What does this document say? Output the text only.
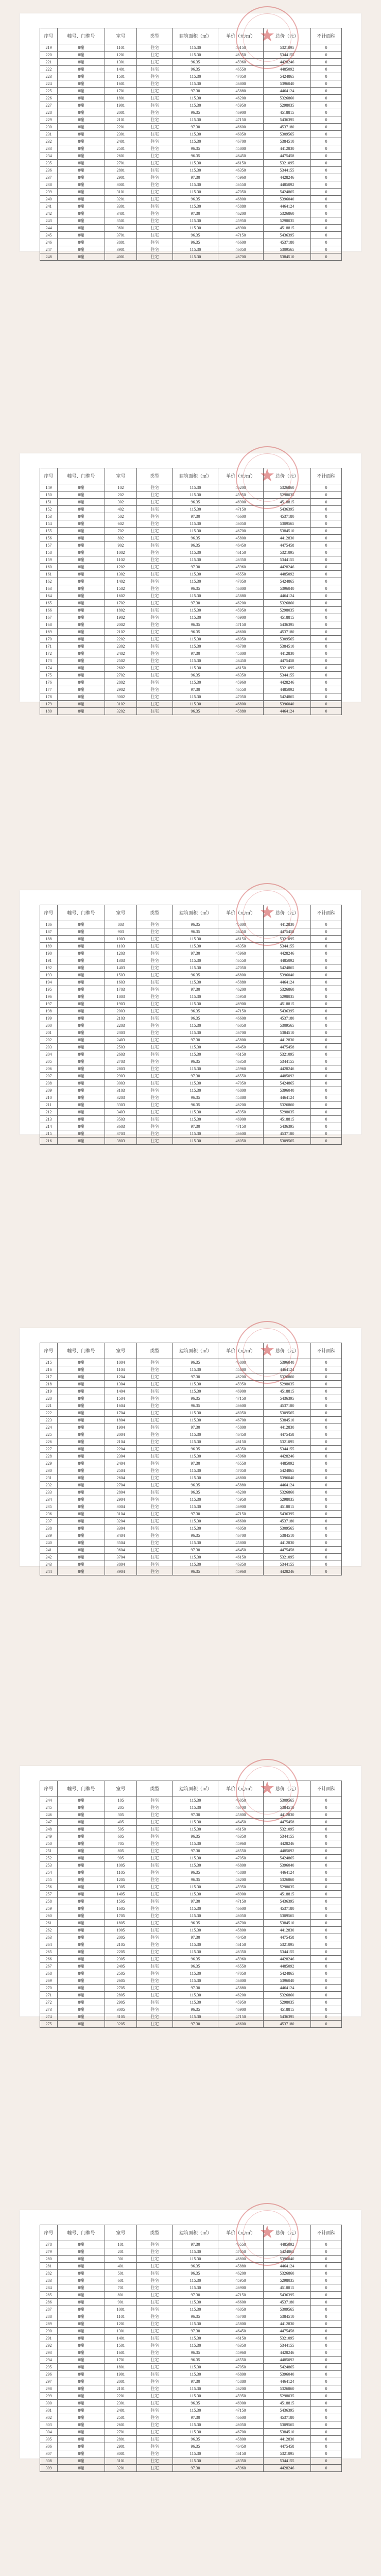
序号	幢号、门牌号	室号	类型	建筑面积（㎡）	单价（元/㎡）	总价（元）	不计面积
219	8幢	1101	住宅	115.30	46150	5321095	0
220	8幢	1201	住宅	115.30	46350	5344155	0
221	8幢	1301	住宅	96.35	45960	4428246	0
222	8幢	1401	住宅	96.35	46550	4485092	0
223	8幢	1501	住宅	115.30	47050	5424865	0
224	8幢	1601	住宅	115.30	46800	5396040	0
225	8幢	1701	住宅	97.30	45880	4464124	0
226	8幢	1801	住宅	115.30	46200	5326860	0
227	8幢	1901	住宅	115.30	45950	5298035	0
228	8幢	2001	住宅	96.35	46900	4518815	0
229	8幢	2101	住宅	115.30	47150	5436395	0
230	8幢	2201	住宅	97.30	46600	4537180	0
231	8幢	2301	住宅	115.30	46050	5309565	0
232	8幢	2401	住宅	115.30	46700	5384510	0
233	8幢	2501	住宅	96.35	45800	4412830	0
234	8幢	2601	住宅	96.35	46450	4475458	0
235	8幢	2701	住宅	115.30	46150	5321095	0
236	8幢	2801	住宅	115.30	46350	5344155	0
237	8幢	2901	住宅	97.30	45960	4428246	0
238	8幢	3001	住宅	115.30	46550	4485092	0
239	8幢	3101	住宅	115.30	47050	5424865	0
240	8幢	3201	住宅	96.35	46800	5396040	0
241	8幢	3301	住宅	115.30	45880	4464124	0
242	8幢	3401	住宅	97.30	46200	5326860	0
243	8幢	3501	住宅	115.30	45950	5298035	0
244	8幢	3601	住宅	115.30	46900	4518815	0
245	8幢	3701	住宅	96.35	47150	5436395	0
246	8幢	3801	住宅	96.35	46600	4537180	0
247	8幢	3901	住宅	115.30	46050	5309565	0
248	8幢	4001	住宅	115.30	46700	5384510	0
★
序号	幢号、门牌号	室号	类型	建筑面积（㎡）	单价（元/㎡）	总价（元）	不计面积
149	8幢	102	住宅	115.30	46200	5326860	0
150	8幢	202	住宅	115.30	45950	5298035	0
151	8幢	302	住宅	96.35	46900	4518815	0
152	8幢	402	住宅	115.30	47150	5436395	0
153	8幢	502	住宅	97.30	46600	4537180	0
154	8幢	602	住宅	115.30	46050	5309565	0
155	8幢	702	住宅	115.30	46700	5384510	0
156	8幢	802	住宅	96.35	45800	4412830	0
157	8幢	902	住宅	96.35	46450	4475458	0
158	8幢	1002	住宅	115.30	46150	5321095	0
159	8幢	1102	住宅	115.30	46350	5344155	0
160	8幢	1202	住宅	97.30	45960	4428246	0
161	8幢	1302	住宅	115.30	46550	4485092	0
162	8幢	1402	住宅	115.30	47050	5424865	0
163	8幢	1502	住宅	96.35	46800	5396040	0
164	8幢	1602	住宅	115.30	45880	4464124	0
165	8幢	1702	住宅	97.30	46200	5326860	0
166	8幢	1802	住宅	115.30	45950	5298035	0
167	8幢	1902	住宅	115.30	46900	4518815	0
168	8幢	2002	住宅	96.35	47150	5436395	0
169	8幢	2102	住宅	96.35	46600	4537180	0
170	8幢	2202	住宅	115.30	46050	5309565	0
171	8幢	2302	住宅	115.30	46700	5384510	0
172	8幢	2402	住宅	97.30	45800	4412830	0
173	8幢	2502	住宅	115.30	46450	4475458	0
174	8幢	2602	住宅	115.30	46150	5321095	0
175	8幢	2702	住宅	96.35	46350	5344155	0
176	8幢	2802	住宅	115.30	45960	4428246	0
177	8幢	2902	住宅	97.30	46550	4485092	0
178	8幢	3002	住宅	115.30	47050	5424865	0
179	8幢	3102	住宅	115.30	46800	5396040	0
180	8幢	3202	住宅	96.35	45880	4464124	0
★
序号	幢号、门牌号	室号	类型	建筑面积（㎡）	单价（元/㎡）	总价（元）	不计面积
186	8幢	803	住宅	96.35	45800	4412830	0
187	8幢	903	住宅	96.35	46450	4475458	0
188	8幢	1003	住宅	115.30	46150	5321095	0
189	8幢	1103	住宅	115.30	46350	5344155	0
190	8幢	1203	住宅	97.30	45960	4428246	0
191	8幢	1303	住宅	115.30	46550	4485092	0
192	8幢	1403	住宅	115.30	47050	5424865	0
193	8幢	1503	住宅	96.35	46800	5396040	0
194	8幢	1603	住宅	115.30	45880	4464124	0
195	8幢	1703	住宅	97.30	46200	5326860	0
196	8幢	1803	住宅	115.30	45950	5298035	0
197	8幢	1903	住宅	115.30	46900	4518815	0
198	8幢	2003	住宅	96.35	47150	5436395	0
199	8幢	2103	住宅	96.35	46600	4537180	0
200	8幢	2203	住宅	115.30	46050	5309565	0
201	8幢	2303	住宅	115.30	46700	5384510	0
202	8幢	2403	住宅	97.30	45800	4412830	0
203	8幢	2503	住宅	115.30	46450	4475458	0
204	8幢	2603	住宅	115.30	46150	5321095	0
205	8幢	2703	住宅	96.35	46350	5344155	0
206	8幢	2803	住宅	115.30	45960	4428246	0
207	8幢	2903	住宅	97.30	46550	4485092	0
208	8幢	3003	住宅	115.30	47050	5424865	0
209	8幢	3103	住宅	115.30	46800	5396040	0
210	8幢	3203	住宅	96.35	45880	4464124	0
211	8幢	3303	住宅	96.35	46200	5326860	0
212	8幢	3403	住宅	115.30	45950	5298035	0
213	8幢	3503	住宅	115.30	46900	4518815	0
214	8幢	3603	住宅	97.30	47150	5436395	0
215	8幢	3703	住宅	115.30	46600	4537180	0
216	8幢	3803	住宅	115.30	46050	5309565	0
★
序号	幢号、门牌号	室号	类型	建筑面积（㎡）	单价（元/㎡）	总价（元）	不计面积
215	8幢	1004	住宅	96.35	46800	5396040	0
216	8幢	1104	住宅	115.30	45880	4464124	0
217	8幢	1204	住宅	97.30	46200	5326860	0
218	8幢	1304	住宅	115.30	45950	5298035	0
219	8幢	1404	住宅	115.30	46900	4518815	0
220	8幢	1504	住宅	96.35	47150	5436395	0
221	8幢	1604	住宅	96.35	46600	4537180	0
222	8幢	1704	住宅	115.30	46050	5309565	0
223	8幢	1804	住宅	115.30	46700	5384510	0
224	8幢	1904	住宅	97.30	45800	4412830	0
225	8幢	2004	住宅	115.30	46450	4475458	0
226	8幢	2104	住宅	115.30	46150	5321095	0
227	8幢	2204	住宅	96.35	46350	5344155	0
228	8幢	2304	住宅	115.30	45960	4428246	0
229	8幢	2404	住宅	97.30	46550	4485092	0
230	8幢	2504	住宅	115.30	47050	5424865	0
231	8幢	2604	住宅	115.30	46800	5396040	0
232	8幢	2704	住宅	96.35	45880	4464124	0
233	8幢	2804	住宅	96.35	46200	5326860	0
234	8幢	2904	住宅	115.30	45950	5298035	0
235	8幢	3004	住宅	115.30	46900	4518815	0
236	8幢	3104	住宅	97.30	47150	5436395	0
237	8幢	3204	住宅	115.30	46600	4537180	0
238	8幢	3304	住宅	115.30	46050	5309565	0
239	8幢	3404	住宅	96.35	46700	5384510	0
240	8幢	3504	住宅	115.30	45800	4412830	0
241	8幢	3604	住宅	97.30	46450	4475458	0
242	8幢	3704	住宅	115.30	46150	5321095	0
243	8幢	3804	住宅	115.30	46350	5344155	0
244	8幢	3904	住宅	96.35	45960	4428246	0
★
序号	幢号、门牌号	室号	类型	建筑面积（㎡）	单价（元/㎡）	总价（元）	不计面积
244	8幢	105	住宅	115.30	46050	5309565	0
245	8幢	205	住宅	115.30	46700	5384510	0
246	8幢	305	住宅	97.30	45800	4412830	0
247	8幢	405	住宅	115.30	46450	4475458	0
248	8幢	505	住宅	115.30	46150	5321095	0
249	8幢	605	住宅	96.35	46350	5344155	0
250	8幢	705	住宅	115.30	45960	4428246	0
251	8幢	805	住宅	97.30	46550	4485092	0
252	8幢	905	住宅	115.30	47050	5424865	0
253	8幢	1005	住宅	115.30	46800	5396040	0
254	8幢	1105	住宅	96.35	45880	4464124	0
255	8幢	1205	住宅	96.35	46200	5326860	0
256	8幢	1305	住宅	115.30	45950	5298035	0
257	8幢	1405	住宅	115.30	46900	4518815	0
258	8幢	1505	住宅	97.30	47150	5436395	0
259	8幢	1605	住宅	115.30	46600	4537180	0
260	8幢	1705	住宅	115.30	46050	5309565	0
261	8幢	1805	住宅	96.35	46700	5384510	0
262	8幢	1905	住宅	115.30	45800	4412830	0
263	8幢	2005	住宅	97.30	46450	4475458	0
264	8幢	2105	住宅	115.30	46150	5321095	0
265	8幢	2205	住宅	115.30	46350	5344155	0
266	8幢	2305	住宅	96.35	45960	4428246	0
267	8幢	2405	住宅	96.35	46550	4485092	0
268	8幢	2505	住宅	115.30	47050	5424865	0
269	8幢	2605	住宅	115.30	46800	5396040	0
270	8幢	2705	住宅	97.30	45880	4464124	0
271	8幢	2805	住宅	115.30	46200	5326860	0
272	8幢	2905	住宅	115.30	45950	5298035	0
273	8幢	3005	住宅	96.35	46900	4518815	0
274	8幢	3105	住宅	115.30	47150	5436395	0
275	8幢	3205	住宅	97.30	46600	4537180	0
★
序号	幢号、门牌号	室号	类型	建筑面积（㎡）	单价（元/㎡）	总价（元）	不计面积
278	8幢	101	住宅	97.30	46550	4485092	0
279	8幢	201	住宅	115.30	47050	5424865	0
280	8幢	301	住宅	115.30	46800	5396040	0
281	8幢	401	住宅	96.35	45880	4464124	0
282	8幢	501	住宅	96.35	46200	5326860	0
283	8幢	601	住宅	115.30	45950	5298035	0
284	8幢	701	住宅	115.30	46900	4518815	0
285	8幢	801	住宅	97.30	47150	5436395	0
286	8幢	901	住宅	115.30	46600	4537180	0
287	8幢	1001	住宅	115.30	46050	5309565	0
288	8幢	1101	住宅	96.35	46700	5384510	0
289	8幢	1201	住宅	115.30	45800	4412830	0
290	8幢	1301	住宅	97.30	46450	4475458	0
291	8幢	1401	住宅	115.30	46150	5321095	0
292	8幢	1501	住宅	115.30	46350	5344155	0
293	8幢	1601	住宅	96.35	45960	4428246	0
294	8幢	1701	住宅	96.35	46550	4485092	0
295	8幢	1801	住宅	115.30	47050	5424865	0
296	8幢	1901	住宅	115.30	46800	5396040	0
297	8幢	2001	住宅	97.30	45880	4464124	0
298	8幢	2101	住宅	115.30	46200	5326860	0
299	8幢	2201	住宅	115.30	45950	5298035	0
300	8幢	2301	住宅	96.35	46900	4518815	0
301	8幢	2401	住宅	115.30	47150	5436395	0
302	8幢	2501	住宅	97.30	46600	4537180	0
303	8幢	2601	住宅	115.30	46050	5309565	0
304	8幢	2701	住宅	115.30	46700	5384510	0
305	8幢	2801	住宅	96.35	45800	4412830	0
306	8幢	2901	住宅	96.35	46450	4475458	0
307	8幢	3001	住宅	115.30	46150	5321095	0
308	8幢	3101	住宅	115.30	46350	5344155	0
309	8幢	3201	住宅	97.30	45960	4428246	0
★
